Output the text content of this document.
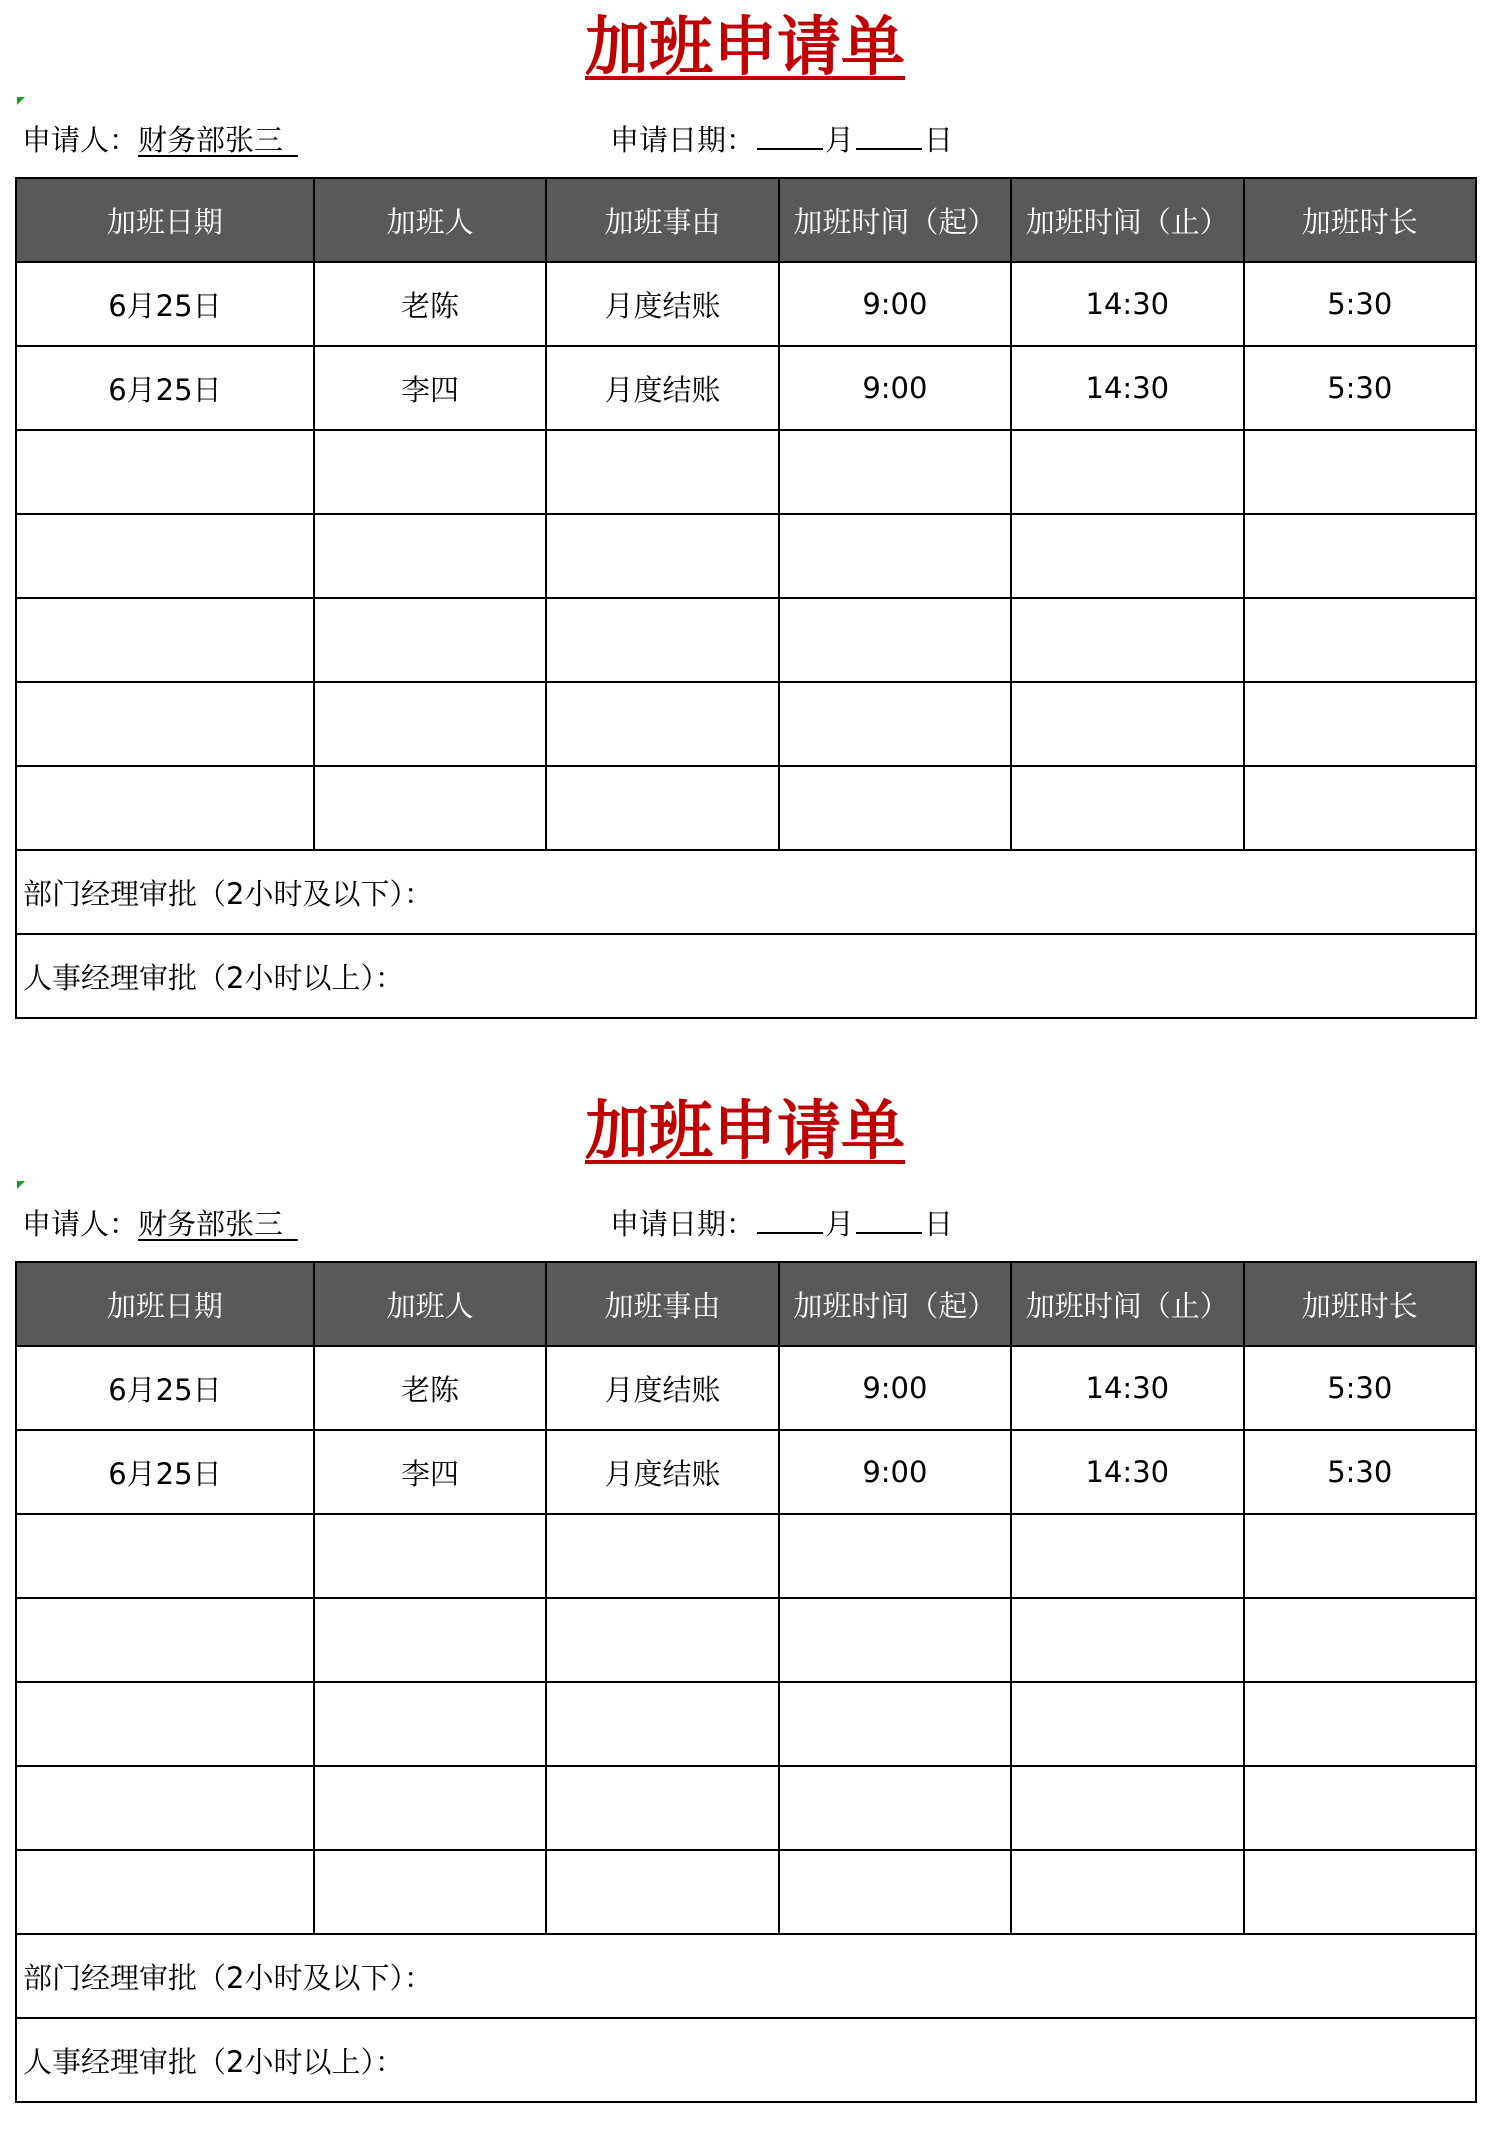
加班申请单
申请人：财务部张三_	申请日期： 月 日
加班日期	加班人	加班事由	加班时间（起）	加班时间（止）	加班时长
6月25日	老陈	月度结账	9:00	14:30	5:30
6月25日	李四	月度结账	9:00	14:30	5:30

部门经理审批（2小时及以下）：					
人事经理审批（2小时以上）：					
加班申请单
申请人：财务部张三_	申请日期： 月 日
加班日期	加班人	加班事由	加班时间（起）	加班时间（止）	加班时长
6月25日	老陈	月度结账	9:00	14:30	5:30
6月25日	李四	月度结账	9:00	14:30	5:30

部门经理审批（2小时及以下）：					
人事经理审批（2小时以上）：					
